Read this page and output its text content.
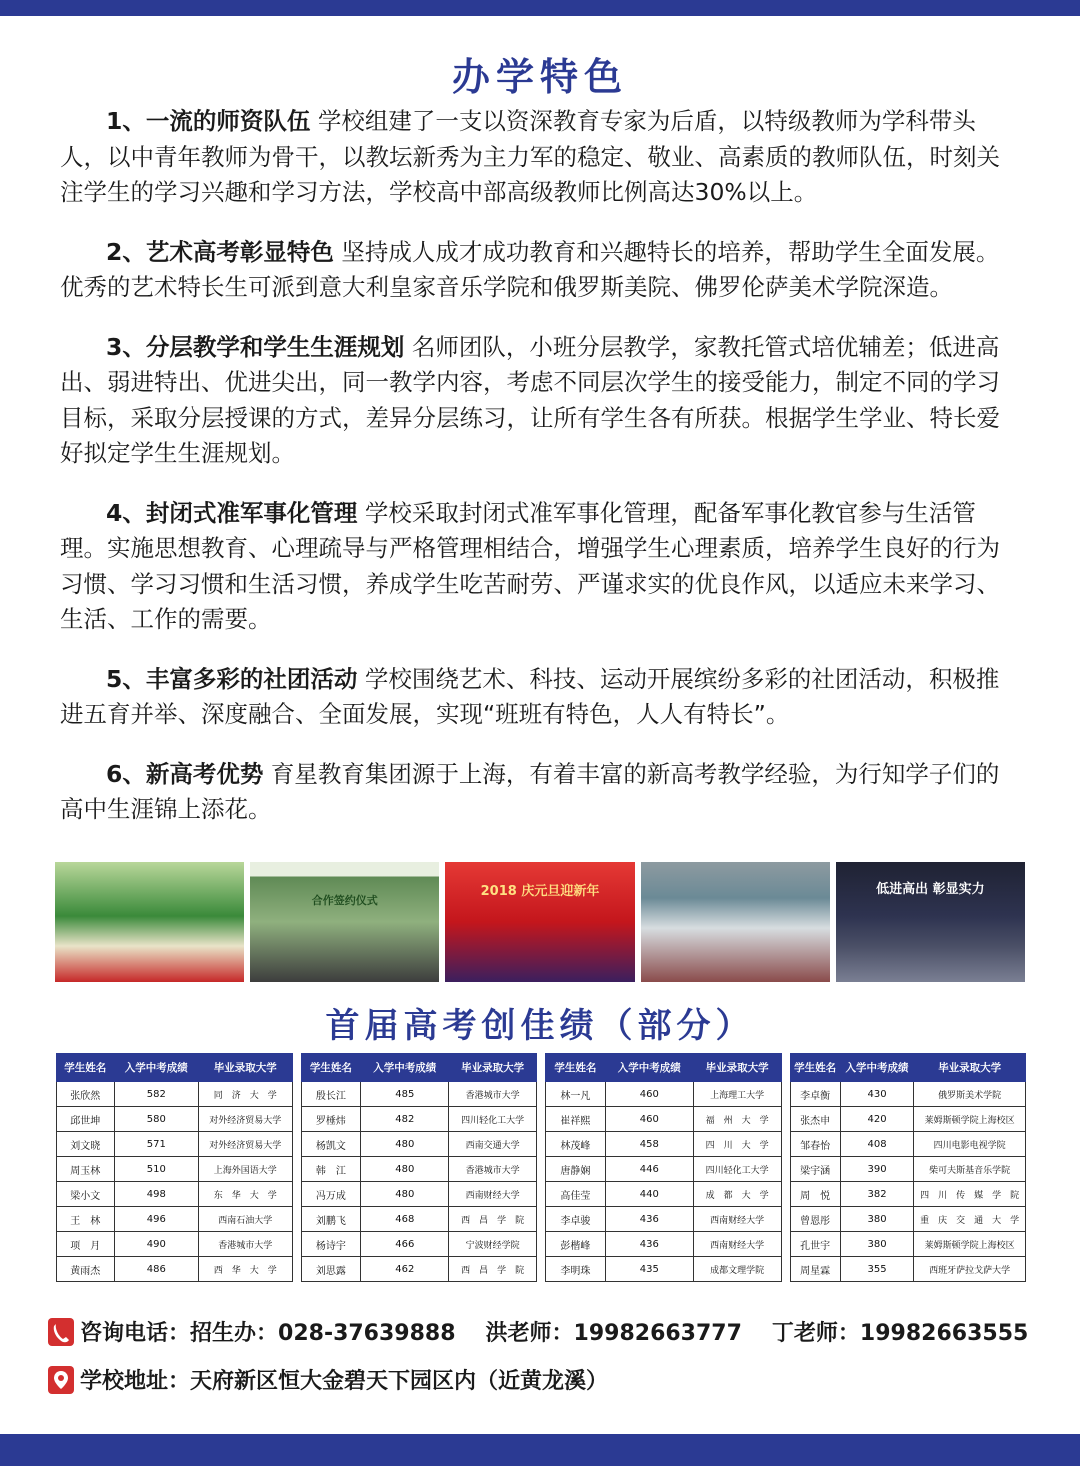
办学特色

1、一流的师资队伍 学校组建了一支以资深教育专家为后盾，以特级教师为学科带头人，以中青年教师为骨干，以教坛新秀为主力军的稳定、敬业、高素质的教师队伍，时刻关注学生的学习兴趣和学习方法，学校高中部高级教师比例高达30%以上。

2、艺术高考彰显特色 坚持成人成才成功教育和兴趣特长的培养，帮助学生全面发展。优秀的艺术特长生可派到意大利皇家音乐学院和俄罗斯美院、佛罗伦萨美术学院深造。

3、分层教学和学生生涯规划 名师团队，小班分层教学，家教托管式培优辅差；低进高出、弱进特出、优进尖出，同一教学内容，考虑不同层次学生的接受能力，制定不同的学习目标，采取分层授课的方式，差异分层练习，让所有学生各有所获。根据学生学业、特长爱好拟定学生生涯规划。

4、封闭式准军事化管理 学校采取封闭式准军事化管理，配备军事化教官参与生活管理。实施思想教育、心理疏导与严格管理相结合，增强学生心理素质，培养学生良好的行为习惯、学习习惯和生活习惯，养成学生吃苦耐劳、严谨求实的优良作风，以适应未来学习、生活、工作的需要。

5、丰富多彩的社团活动 学校围绕艺术、科技、运动开展缤纷多彩的社团活动，积极推进五育并举、深度融合、全面发展，实现“班班有特色，人人有特长”。

6、新高考优势 育星教育集团源于上海，有着丰富的新高考教学经验，为行知学子们的高中生涯锦上添花。

合作签约仪式
2018 庆元旦迎新年	低进高出 彰显实力
首届高考创佳绩（部分）
学生姓名	入学中考成绩	毕业录取大学
张欣然	582	同　济　大　学
邱世坤	580	对外经济贸易大学
刘文晓	571	对外经济贸易大学
周玉林	510	上海外国语大学
梁小文	498	东　华　大　学
王　林	496	西南石油大学
项　月	490	香港城市大学
黄雨杰	486	西　华　大　学
学生姓名	入学中考成绩	毕业录取大学
殷长江	485	香港城市大学
罗棰炜	482	四川轻化工大学
杨凯文	480	西南交通大学
韩　江	480	香港城市大学
冯万成	480	西南财经大学
刘鹏飞	468	西　昌　学　院
杨诗宇	466	宁波财经学院
刘思露	462	西　昌　学　院
学生姓名	入学中考成绩	毕业录取大学
林一凡	460	上海理工大学
崔祥熙	460	福　州　大　学
林茂峰	458	四　川　大　学
唐静娴	446	四川轻化工大学
高佳莹	440	成　都　大　学
李卓骏	436	西南财经大学
彭楷峰	436	西南财经大学
李明珠	435	成都文理学院
学生姓名	入学中考成绩	毕业录取大学
李卓衡	430	俄罗斯美术学院
张杰申	420	莱姆斯顿学院上海校区
邹春怡	408	四川电影电视学院
梁宇涵	390	柴可夫斯基音乐学院
周　悦	382	四　川　传　媒　学　院
曾恩彤	380	重　庆　交　通　大　学
孔世宇	380	莱姆斯顿学院上海校区
周星霖	355	西班牙萨拉戈萨大学
咨询电话： 招生办：028-37639888 洪老师：19982663777 丁老师：19982663555
学校地址： 天府新区恒大金碧天下园区内（近黄龙溪）
